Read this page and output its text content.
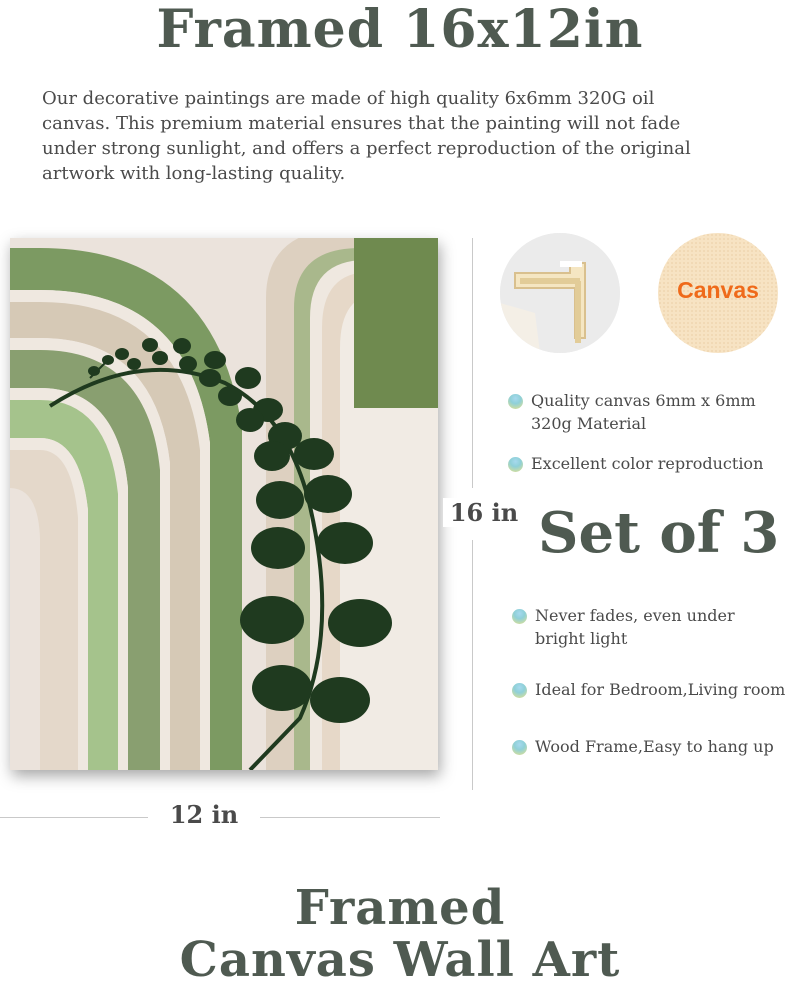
Framed 16x12in
Our decorative paintings are made of high quality 6x6mm 320G oil
canvas. This premium material ensures that the painting will not fade
under strong sunlight, and offers a perfect reproduction of the original
artwork with long-lasting quality.
16 in
12 in
Canvas
Quality canvas 6mm x 6mm
320g Material
Excellent color reproduction
Set of 3
Never fades, even under
bright light
Ideal for Bedroom,Living room
Wood Frame,Easy to hang up
Framed
Canvas Wall Art
